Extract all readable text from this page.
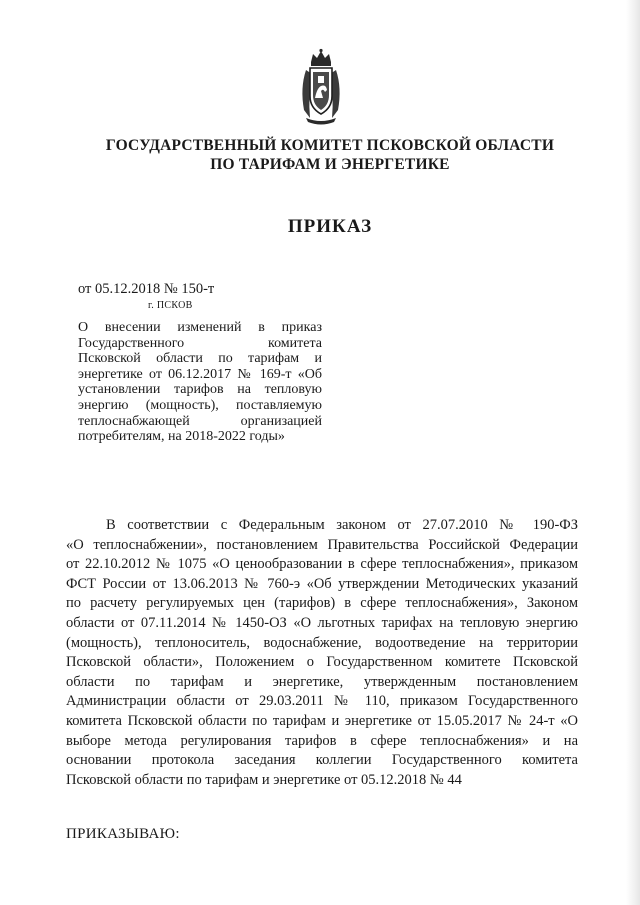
ГОСУДАРСТВЕННЫЙ КОМИТЕТ ПСКОВСКОЙ ОБЛАСТИ
ПО ТАРИФАМ И ЭНЕРГЕТИКЕ
ПРИКАЗ
от 05.12.2018 № 150-т
г. ПСКОВ
О внесении изменений в приказ
Государственного комитета
Псковской области по тарифам и
энергетике от 06.12.2017 № 169-т «Об
установлении тарифов на тепловую
энергию (мощность), поставляемую
теплоснабжающей организацией
потребителям, на 2018-2022 годы»
В соответствии с Федеральным законом от 27.07.2010 № 190-ФЗ
«О теплоснабжении», постановлением Правительства Российской Федерации
от 22.10.2012 № 1075 «О ценообразовании в сфере теплоснабжения», приказом
ФСТ России от 13.06.2013 № 760-э «Об утверждении Методических указаний
по расчету регулируемых цен (тарифов) в сфере теплоснабжения», Законом
области от 07.11.2014 № 1450-ОЗ «О льготных тарифах на тепловую энергию
(мощность), теплоноситель, водоснабжение, водоотведение на территории
Псковской области», Положением о Государственном комитете Псковской
области по тарифам и энергетике, утвержденным постановлением
Администрации области от 29.03.2011 № 110, приказом Государственного
комитета Псковской области по тарифам и энергетике от 15.05.2017 № 24-т «О
выборе метода регулирования тарифов в сфере теплоснабжения» и на
основании протокола заседания коллегии Государственного комитета
Псковской области по тарифам и энергетике от 05.12.2018 № 44
ПРИКАЗЫВАЮ:
